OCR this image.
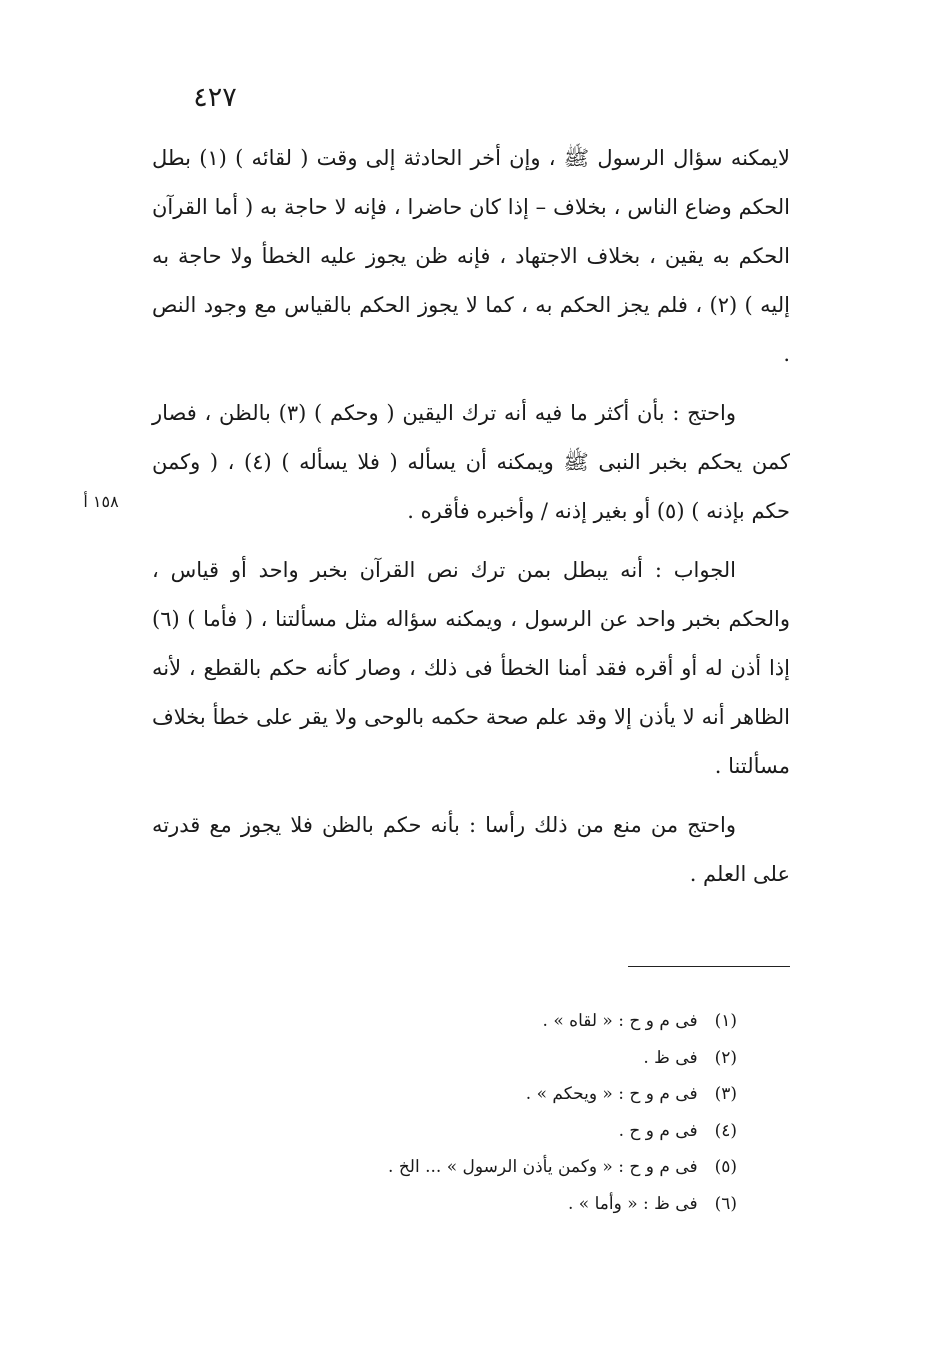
٤٢٧

لايمكنه سؤال الرسول ﷺ ، وإن أخر الحادثة إلى وقت ( لقائه ) (١) بطل الحكم وضاع الناس ، بخلاف – إذا كان حاضرا ، فإنه لا حاجة به ( أما القرآن الحكم به يقين ، بخلاف الاجتهاد ، فإنه ظن يجوز عليه الخطأ ولا حاجة به إليه ) (٢) ، فلم يجز الحكم به ، كما لا يجوز الحكم بالقياس مع وجود النص .

واحتج : بأن أكثر ما فيه أنه ترك اليقين ( وحكم ) (٣) بالظن ، فصار كمن يحكم بخبر النبى ﷺ ويمكنه أن يسأله ( فلا يسأله ) (٤) ، ( وكمن حكم بإذنه ) (٥) أو بغير إذنه / وأخبره فأقره .

الجواب : أنه يبطل بمن ترك نص القرآن بخبر واحد أو قياس ، والحكم بخبر واحد عن الرسول ، ويمكنه سؤاله مثل مسألتنا ، ( فأما ) (٦) إذا أذن له أو أقره فقد أمنا الخطأ فى ذلك ، وصار كأنه حكم بالقطع ، لأنه الظاهر أنه لا يأذن إلا وقد علم صحة حكمه بالوحى ولا يقر على خطأ بخلاف مسألتنا .

واحتج من منع من ذلك رأسا : بأنه حكم بالظن فلا يجوز مع قدرته على العلم .

١٥٨ أ
(١) فى م و ح : « لقاه » .
(٢) فى ظ .
(٣) فى م و ح : « ويحكم » .
(٤) فى م و ح .
(٥) فى م و ح : « وكمن يأذن الرسول » ... الخ .
(٦) فى ظ : « وأما » .
